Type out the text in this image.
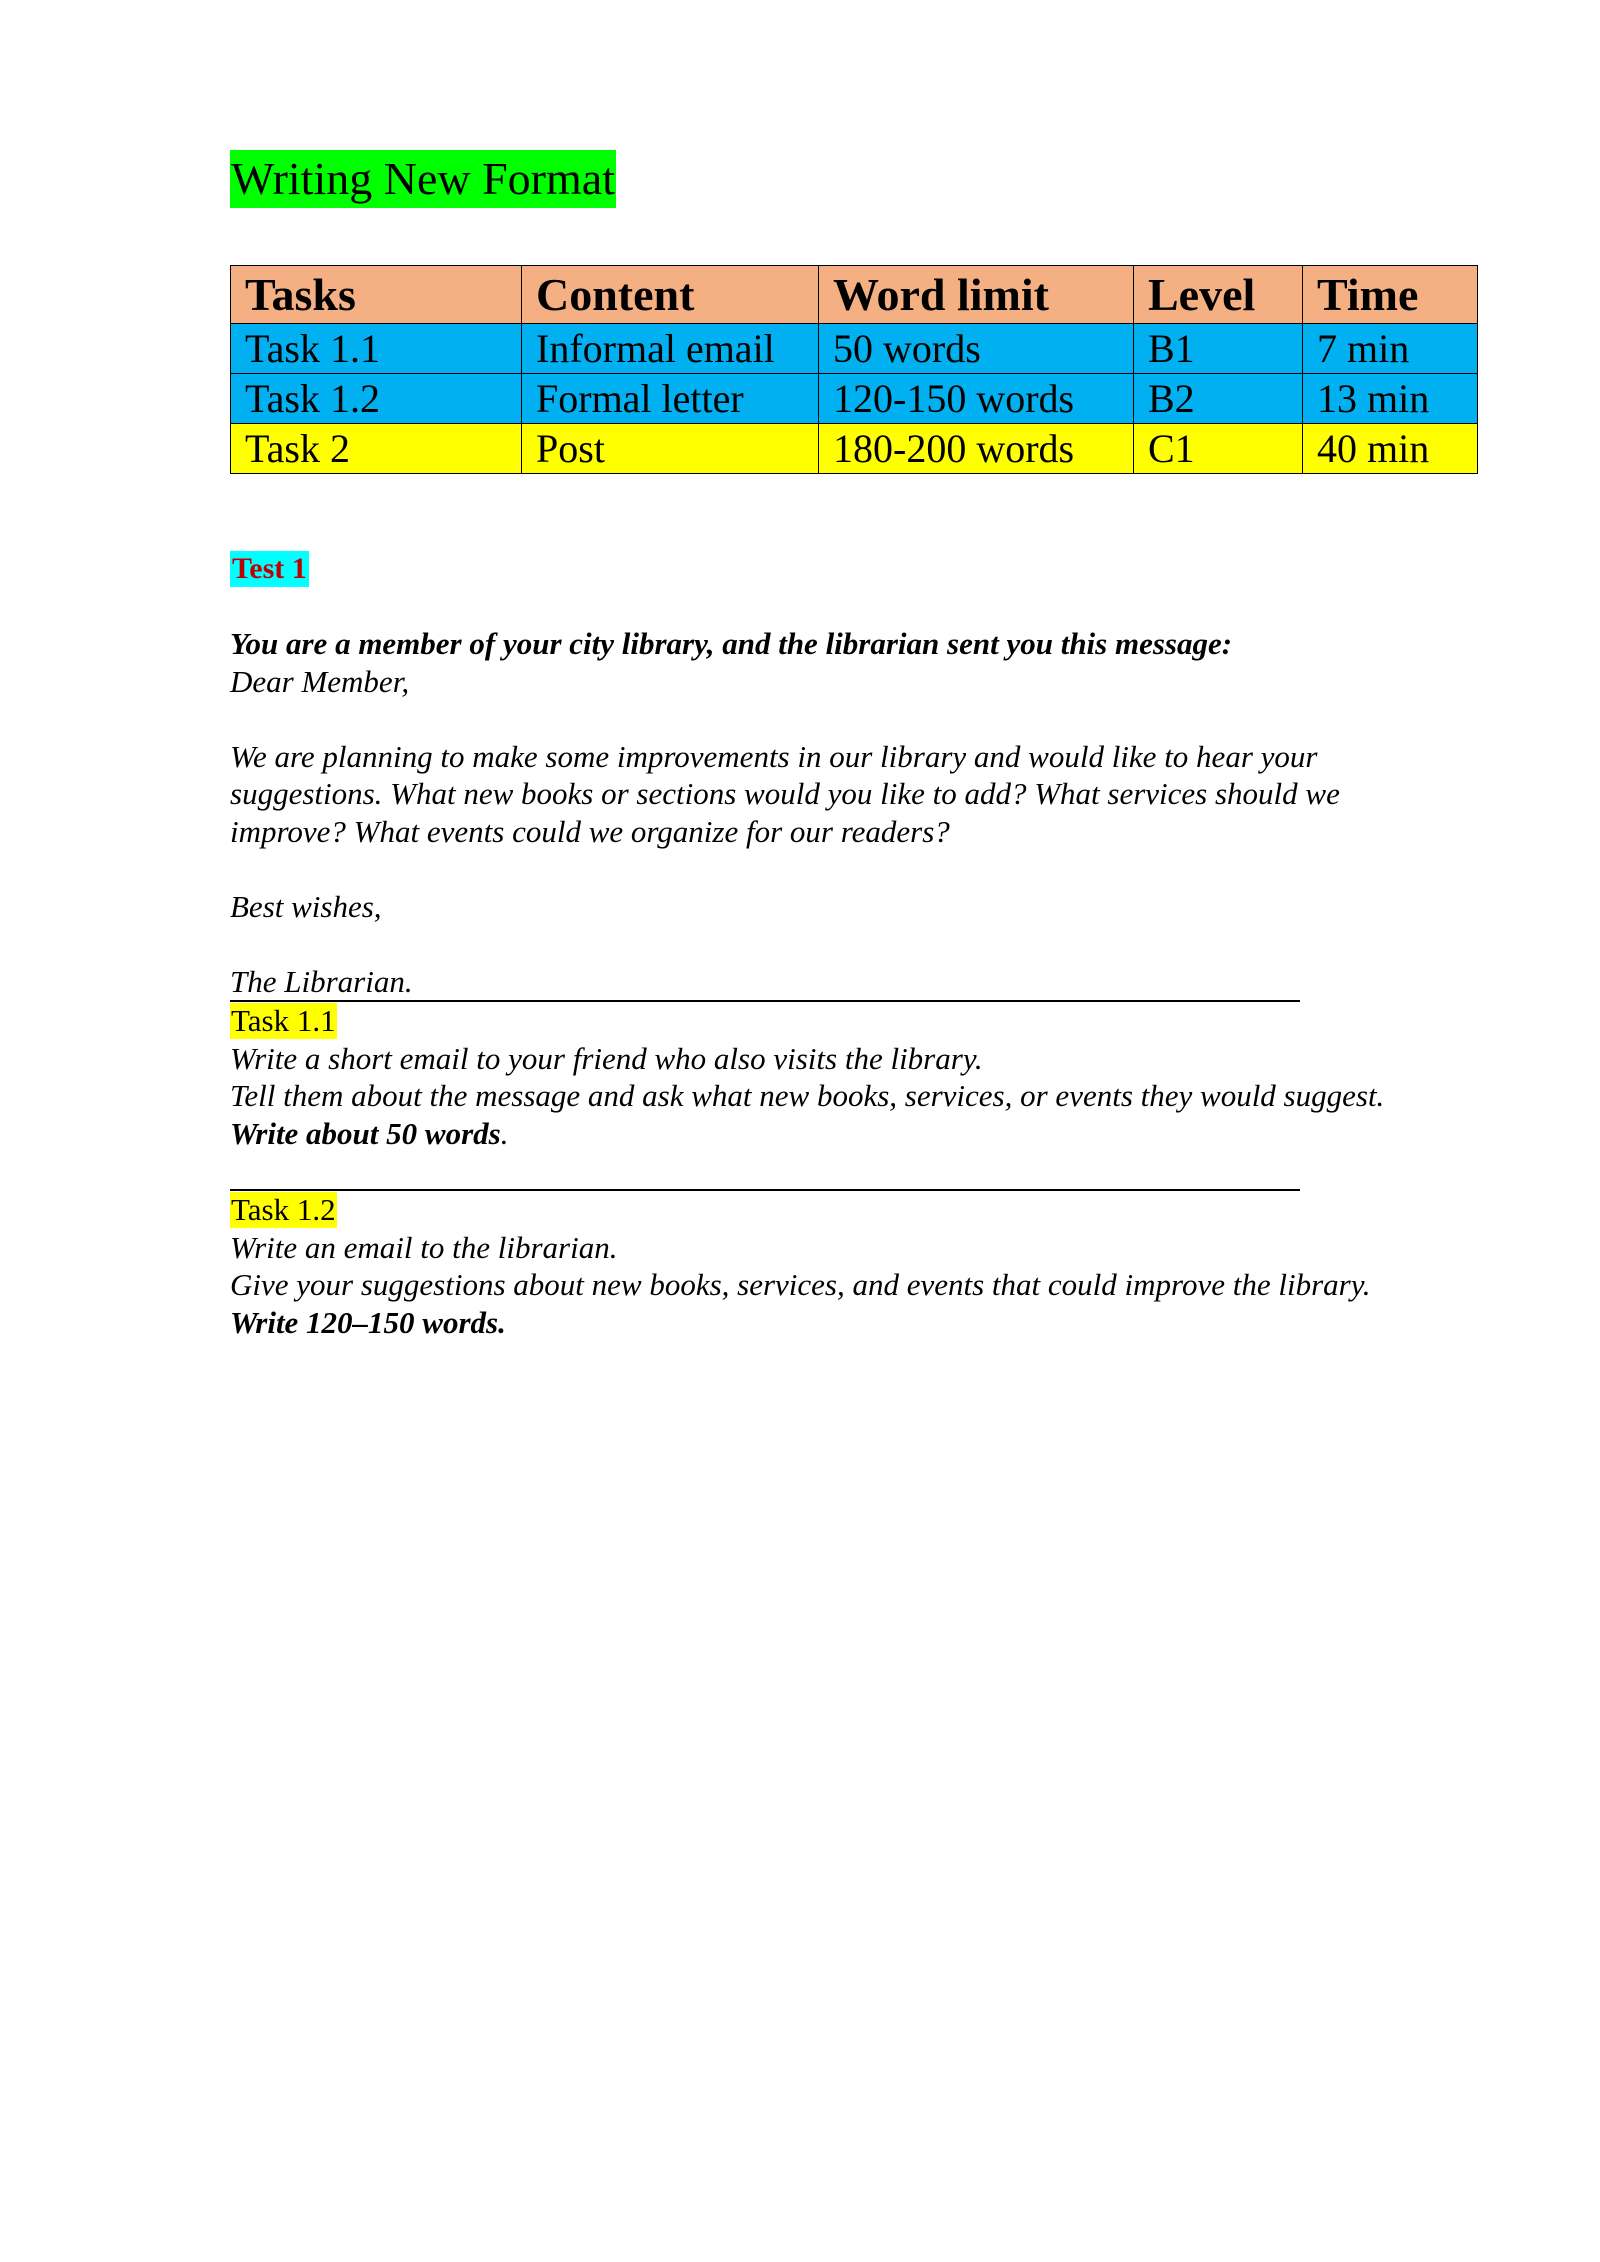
Writing New Format
Tasks	Content	Word limit	Level	Time
Task 1.1	Informal email	50 words	B1	7 min
Task 1.2	Formal letter	120-150 words	B2	13 min
Task 2	Post	180-200 words	C1	40 min
Test 1

You are a member of your city library, and the librarian sent you this message:

Dear Member,

We are planning to make some improvements in our library and would like to hear your

suggestions. What new books or sections would you like to add? What services should we

improve? What events could we organize for our readers?

Best wishes,

The Librarian.

Task 1.1

Write a short email to your friend who also visits the library.

Tell them about the message and ask what new books, services, or events they would suggest.

Write about 50 words.

Task 1.2

Write an email to the librarian.

Give your suggestions about new books, services, and events that could improve the library.

Write 120–150 words.
